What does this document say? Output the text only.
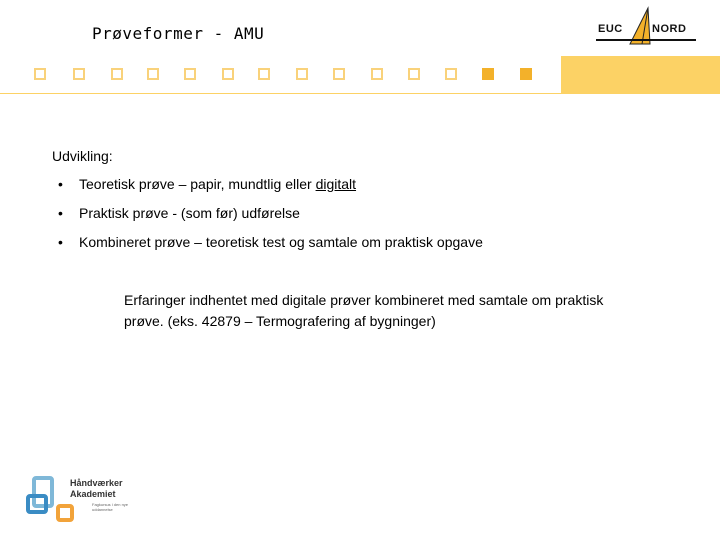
Prøveformer - AMU	EUC	NORD
Udvikling:
• Teoretisk prøve – papir, mundtlig eller digitalt
• Praktisk prøve - (som før) udførelse
• Kombineret prøve – teoretisk test og samtale om praktisk opgave
Erfaringer indhentet med digitale prøver kombineret med samtale om praktisk prøve. (eks. 42879 – Termografering af bygninger)
Håndværker
Akademiet
Fagkursus i den nye uddannelse
